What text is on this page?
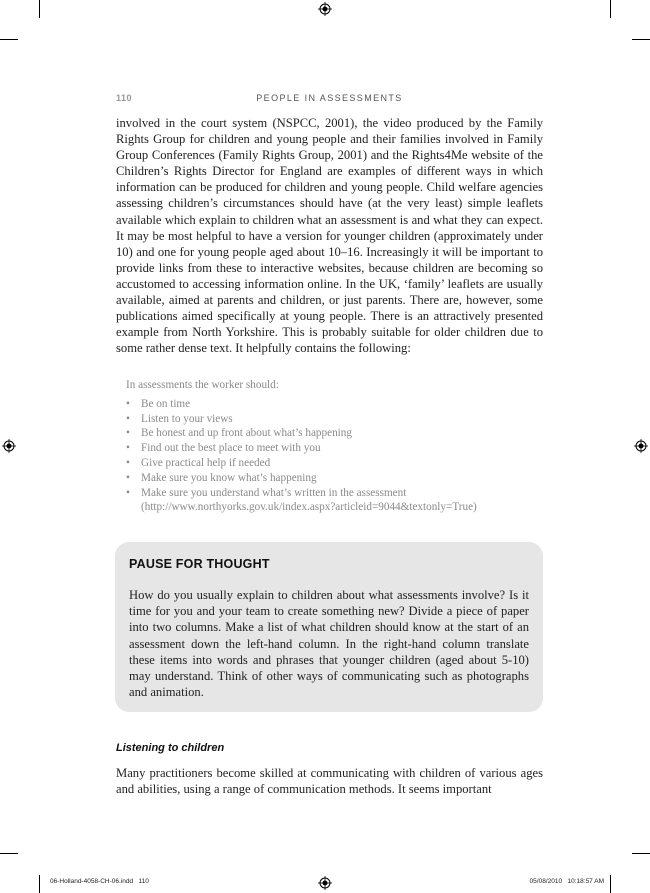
110	PEOPLE IN ASSESSMENTS
involved in the court system (NSPCC, 2001), the video produced by the Family Rights Group for children and young people and their families involved in Family Group Conferences (Family Rights Group, 2001) and the Rights4Me website of the Children’s Rights Director for England are examples of different ways in which information can be produced for children and young people. Child welfare agencies assessing children’s circumstances should have (at the very least) simple leaflets available which explain to children what an assessment is and what they can expect. It may be most helpful to have a version for younger children (approximately under 10) and one for young people aged about 10–16. Increasingly it will be important to provide links from these to interactive websites, because children are becoming so accustomed to accessing information online. In the UK, ‘family’ leaflets are usually available, aimed at parents and children, or just parents. There are, however, some publications aimed specifically at young people. There is an attractively presented example from North Yorkshire. This is probably suitable for older children due to some rather dense text. It helpfully contains the following:
In assessments the worker should:
• Be on time
• Listen to your views
• Be honest and up front about what’s happening
• Find out the best place to meet with you
• Give practical help if needed
• Make sure you know what’s happening
• Make sure you understand what’s written in the assessment
(http://www.northyorks.gov.uk/index.aspx?articleid=9044&textonly=True)
PAUSE FOR THOUGHT
How do you usually explain to children about what assessments involve? Is it time for you and your team to create something new? Divide a piece of paper into two columns. Make a list of what children should know at the start of an assessment down the left-hand column. In the right-hand column translate these items into words and phrases that younger children (aged about 5-10) may understand. Think of other ways of communicating such as photographs and animation.
Listening to children
Many practitioners become skilled at communicating with children of various ages and abilities, using a range of communication methods. It seems important
06-Holland-4058-CH-06.indd   110	05/08/2010   10:18:57 AM
